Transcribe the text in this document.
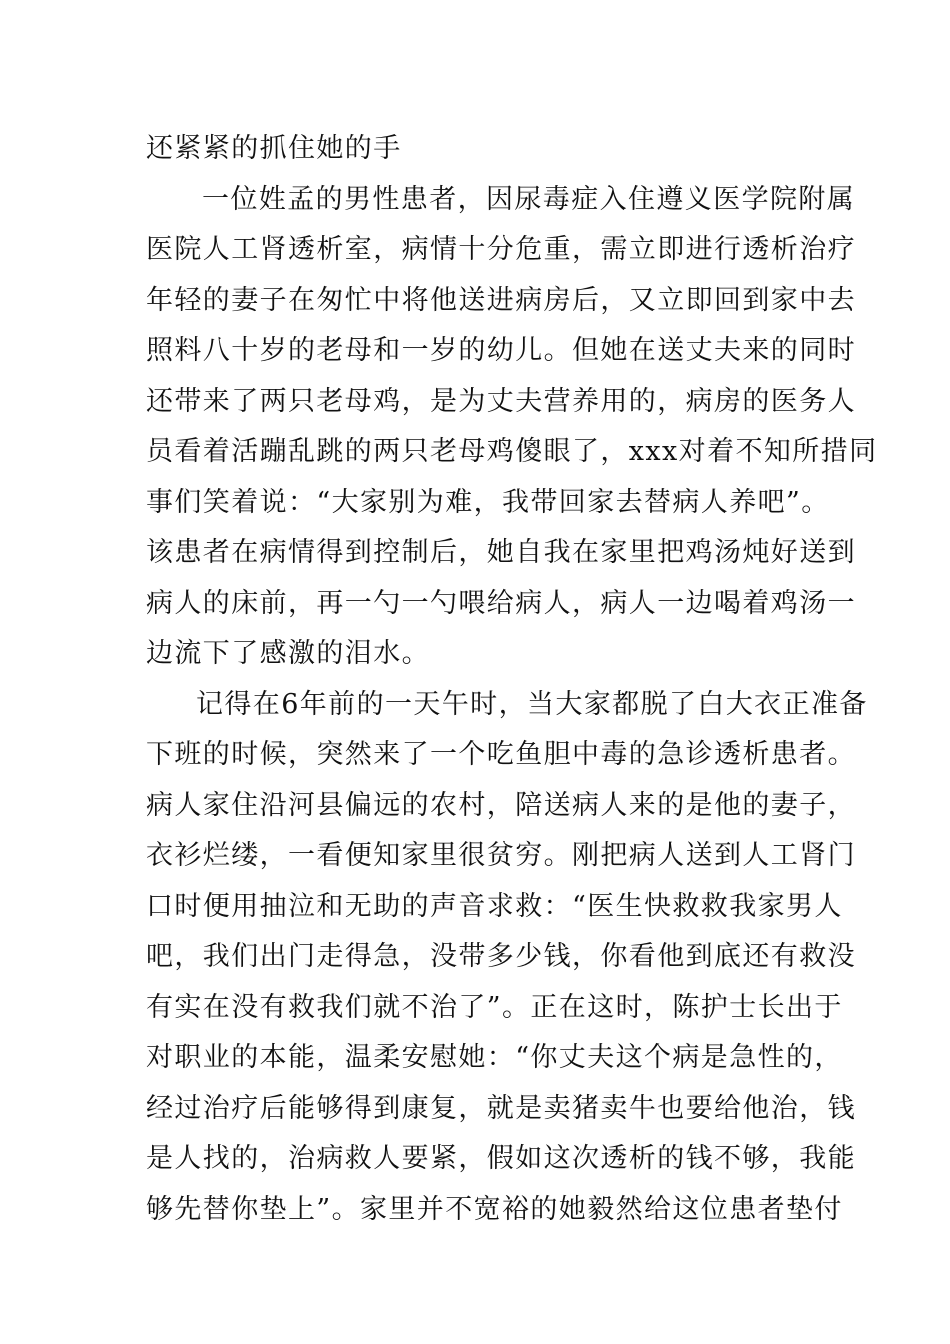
还紧紧的抓住她的手
一位姓孟的男性患者，因尿毒症入住遵义医学院附属
医院人工肾透析室，病情十分危重，需立即进行透析治疗
年轻的妻子在匆忙中将他送进病房后，又立即回到家中去
照料八十岁的老母和一岁的幼儿。但她在送丈夫来的同时
还带来了两只老母鸡，是为丈夫营养用的，病房的医务人
员看着活蹦乱跳的两只老母鸡傻眼了，xxx对着不知所措同
事们笑着说：“大家别为难，我带回家去替病人养吧”。
该患者在病情得到控制后，她自我在家里把鸡汤炖好送到
病人的床前，再一勺一勺喂给病人，病人一边喝着鸡汤一
边流下了感激的泪水。
记得在6年前的一天午时，当大家都脱了白大衣正准备
下班的时候，突然来了一个吃鱼胆中毒的急诊透析患者。
病人家住沿河县偏远的农村，陪送病人来的是他的妻子，
衣衫烂缕，一看便知家里很贫穷。刚把病人送到人工肾门
口时便用抽泣和无助的声音求救：“医生快救救我家男人
吧，我们出门走得急，没带多少钱，你看他到底还有救没
有实在没有救我们就不治了”。正在这时，陈护士长出于
对职业的本能，温柔安慰她：“你丈夫这个病是急性的，
经过治疗后能够得到康复，就是卖猪卖牛也要给他治，钱
是人找的，治病救人要紧，假如这次透析的钱不够，我能
够先替你垫上”。家里并不宽裕的她毅然给这位患者垫付
